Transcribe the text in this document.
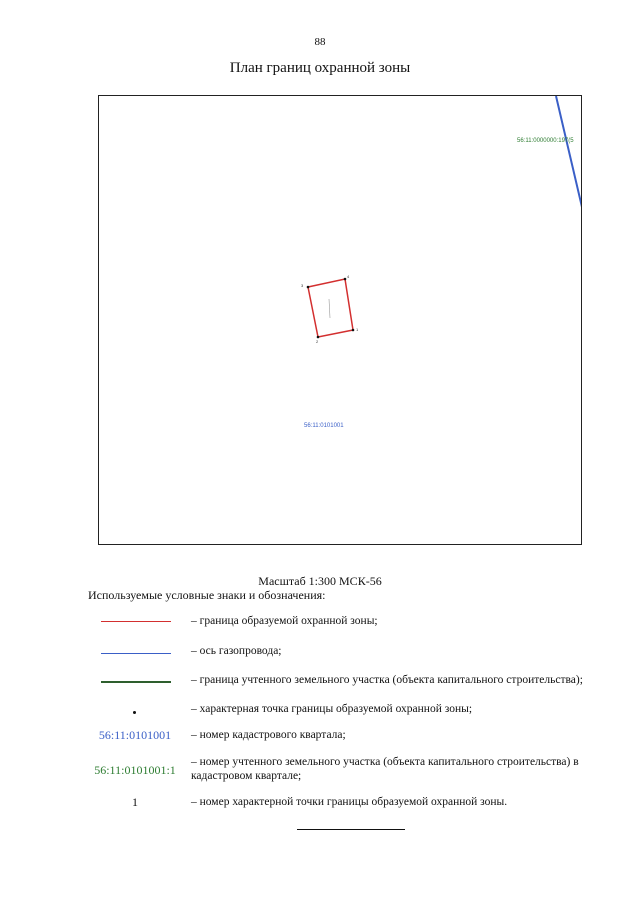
88
План границ охранной зоны
56:11:0000000:197(5
56:11:0101001
1
2
3
4
Масштаб 1:300 МСК-56
Используемые условные знаки и обозначения:
– граница образуемой охранной зоны;
– ось газопровода;
– граница учтенного земельного участка (объекта капитального строительства);
– характерная точка границы образуемой охранной зоны;
56:11:0101001	– номер кадастрового квартала;
56:11:0101001:1
– номер учтенного земельного участка (объекта капитального строительства) в кадастровом квартале;
1	– номер характерной точки границы образуемой охранной зоны.
